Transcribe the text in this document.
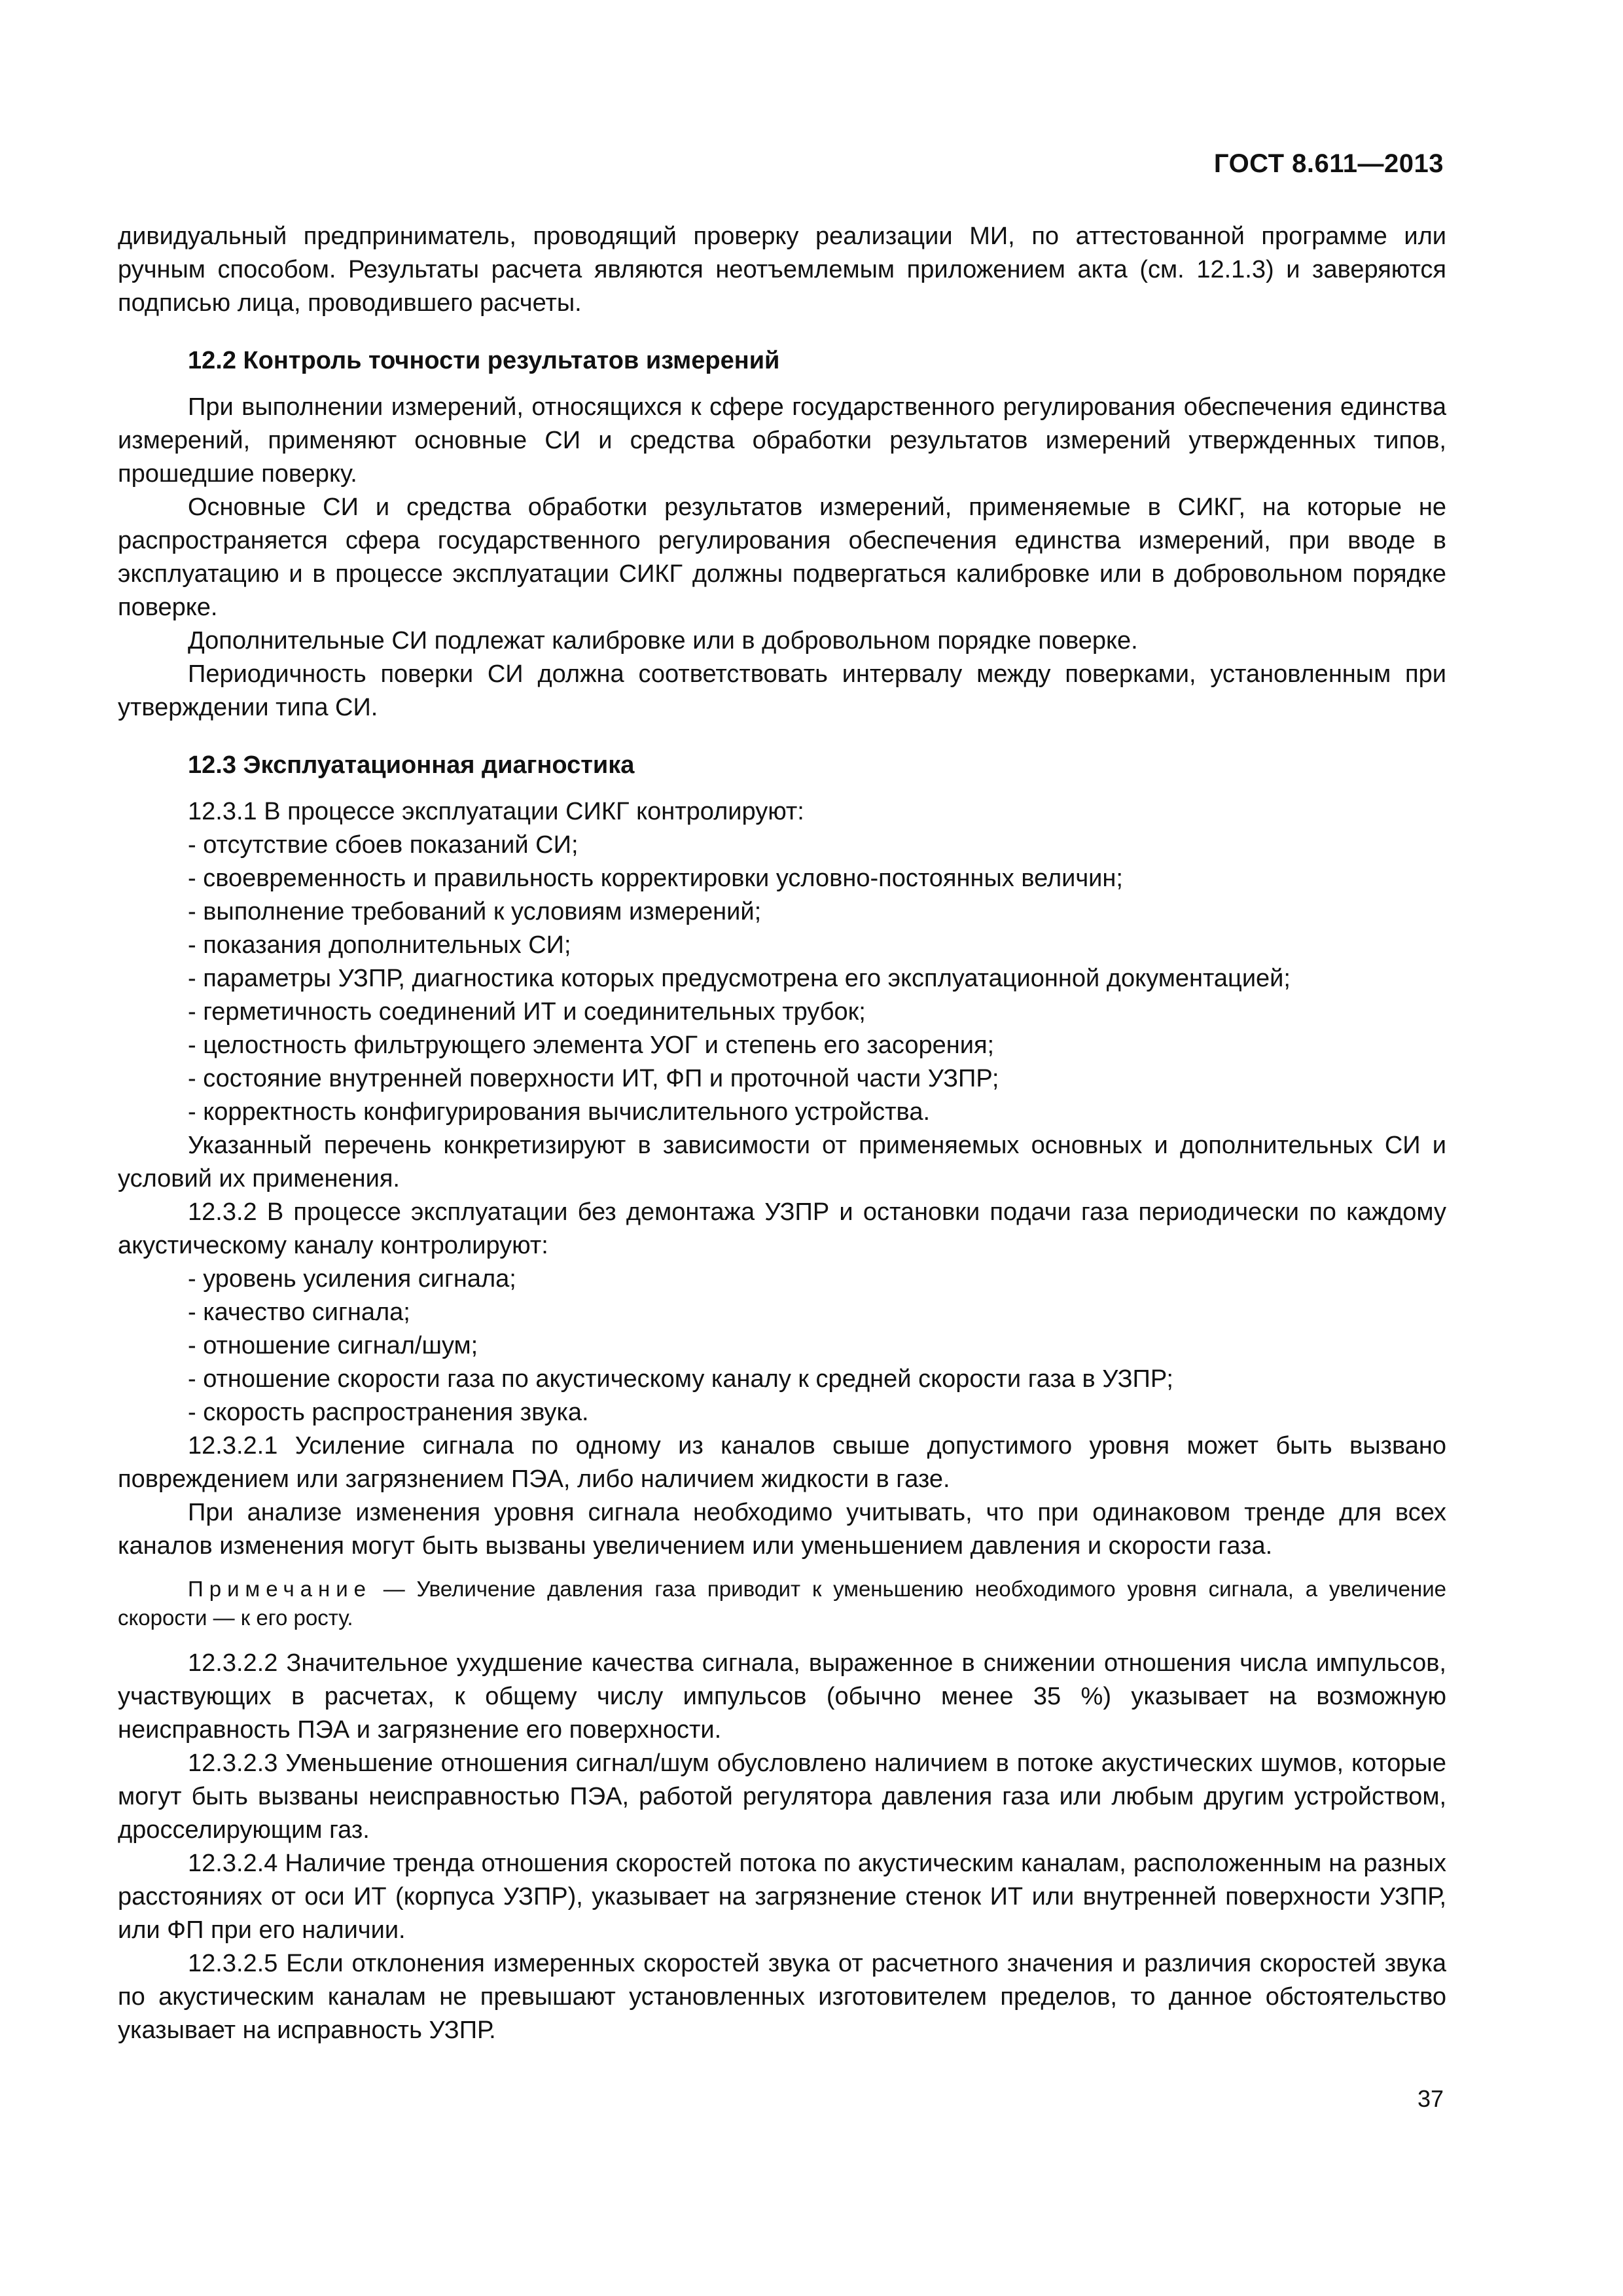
ГОСТ 8.611—2013

дивидуальный предприниматель, проводящий проверку реализации МИ, по аттестованной программе или ручным способом. Результаты расчета являются неотъемлемым приложением акта (см. 12.1.3) и заверяются подписью лица, проводившего расчеты.

12.2 Контроль точности результатов измерений

При выполнении измерений, относящихся к сфере государственного регулирования обеспечения единства измерений, применяют основные СИ и средства обработки результатов измерений утвержденных типов, прошедшие поверку.

Основные СИ и средства обработки результатов измерений, применяемые в СИКГ, на которые не распространяется сфера государственного регулирования обеспечения единства измерений, при вводе в эксплуатацию и в процессе эксплуатации СИКГ должны подвергаться калибровке или в добровольном порядке поверке.

Дополнительные СИ подлежат калибровке или в добровольном порядке поверке.

Периодичность поверки СИ должна соответствовать интервалу между поверками, установленным при утверждении типа СИ.

12.3 Эксплуатационная диагностика

12.3.1 В процессе эксплуатации СИКГ контролируют:

- отсутствие сбоев показаний СИ;

- своевременность и правильность корректировки условно-постоянных величин;

- выполнение требований к условиям измерений;

- показания дополнительных СИ;

- параметры УЗПР, диагностика которых предусмотрена его эксплуатационной документацией;

- герметичность соединений ИТ и соединительных трубок;

- целостность фильтрующего элемента УОГ и степень его засорения;

- состояние внутренней поверхности ИТ, ФП и проточной части УЗПР;

- корректность конфигурирования вычислительного устройства.

Указанный перечень конкретизируют в зависимости от применяемых основных и дополнительных СИ и условий их применения.

12.3.2 В процессе эксплуатации без демонтажа УЗПР и остановки подачи газа периодически по каждому акустическому каналу контролируют:

- уровень усиления сигнала;

- качество сигнала;

- отношение сигнал/шум;

- отношение скорости газа по акустическому каналу к средней скорости газа в УЗПР;

- скорость распространения звука.

12.3.2.1 Усиление сигнала по одному из каналов свыше допустимого уровня может быть вызвано повреждением или загрязнением ПЭА, либо наличием жидкости в газе.

При анализе изменения уровня сигнала необходимо учитывать, что при одинаковом тренде для всех каналов изменения могут быть вызваны увеличением или уменьшением давления и скорости газа.

Примечание — Увеличение давления газа приводит к уменьшению необходимого уровня сигнала, а увеличение скорости — к его росту.

12.3.2.2 Значительное ухудшение качества сигнала, выраженное в снижении отношения числа импульсов, участвующих в расчетах, к общему числу импульсов (обычно менее 35 %) указывает на возможную неисправность ПЭА и загрязнение его поверхности.

12.3.2.3 Уменьшение отношения сигнал/шум обусловлено наличием в потоке акустических шумов, которые могут быть вызваны неисправностью ПЭА, работой регулятора давления газа или любым другим устройством, дросселирующим газ.

12.3.2.4 Наличие тренда отношения скоростей потока по акустическим каналам, расположенным на разных расстояниях от оси ИТ (корпуса УЗПР), указывает на загрязнение стенок ИТ или внутренней поверхности УЗПР, или ФП при его наличии.

12.3.2.5 Если отклонения измеренных скоростей звука от расчетного значения и различия скоростей звука по акустическим каналам не превышают установленных изготовителем пределов, то данное обстоятельство указывает на исправность УЗПР.

37
